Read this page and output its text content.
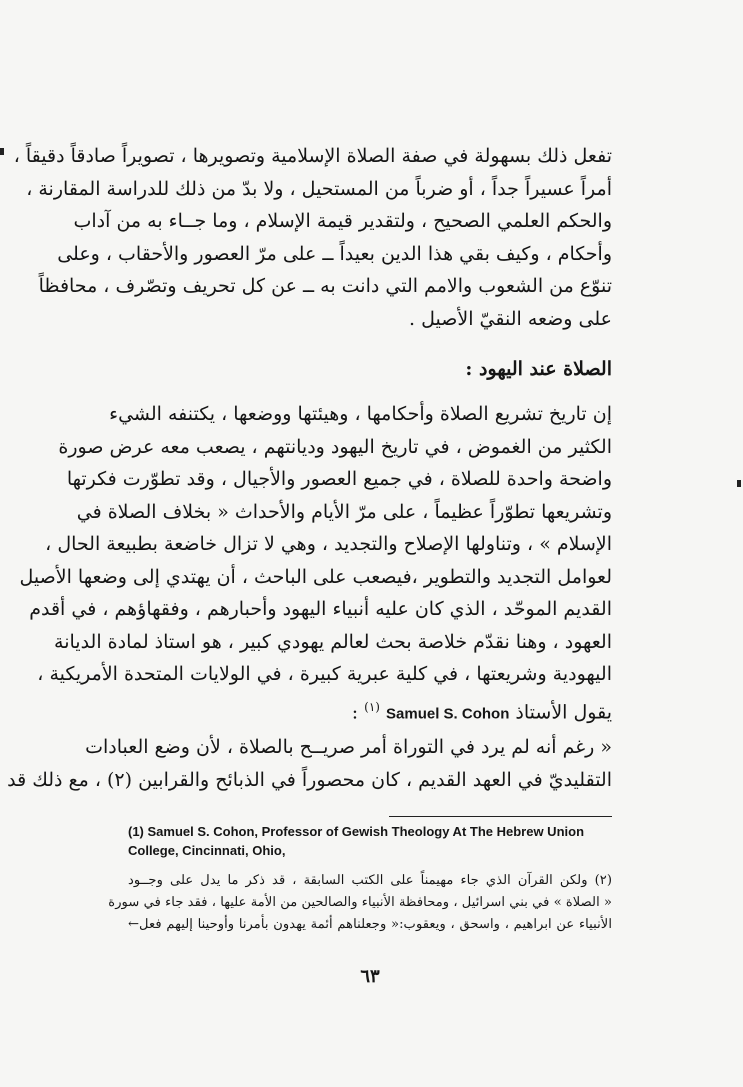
تفعل ذلك بسهولة في صفة الصلاة الإسلامية وتصويرها ، تصويراً صادقاً دقيقاً ،
أمراً عسيراً جداً ، أو ضرباً من المستحيل ، ولا بدّ من ذلك للدراسة المقارنة ،
والحكم العلمي الصحيح ، ولتقدير قيمة الإسلام ، وما جــاء به من آداب
وأحكام ، وكيف بقي هذا الدين بعيداً ــ على مرّ العصور والأحقاب ، وعلى
تنوّع من الشعوب والامم التي دانت به ــ عن كل تحريف وتصّرف ، محافظاً
على وضعه النقيّ الأصيل .
الصلاة عند اليهود :
إن تاريخ تشريع الصلاة وأحكامها ، وهيئتها ووضعها ، يكتنفه الشيء
الكثير من الغموض ، في تاريخ اليهود وديانتهم ، يصعب معه عرض صورة
واضحة واحدة للصلاة ، في جميع العصور والأجيال ، وقد تطوّرت فكرتها
وتشريعها تطوّراً عظيماً ، على مرّ الأيام والأحداث « بخلاف الصلاة في
الإسلام » ، وتناولها الإصلاح والتجديد ، وهي لا تزال خاضعة بطبيعة الحال ،
لعوامل التجديد والتطوير ،فيصعب على الباحث ، أن يهتدي إلى وضعها الأصيل
القديم الموحّد ، الذي كان عليه أنبياء اليهود وأحبارهم ، وفقهاؤهم ، في أقدم
العهود ، وهنا نقدّم خلاصة بحث لعالم يهودي كبير ، هو استاذ لمادة الديانة
اليهودية وشريعتها ، في كلية عبرية كبيرة ، في الولايات المتحدة الأمريكية ،
يقول الأستاذ Samuel S. Cohon $^{(١)}$ :
« رغم أنه لم يرد في التوراة أمر صريــح بالصلاة ، لأن وضع العبادات
التقليديّ في العهد القديم ، كان محصوراً في الذبائح والقرابين (٢) ، مع ذلك قد
(1) Samuel S. Cohon, Professor of Gewish Theology At The Hebrew Union College, Cincinnati, Ohio,
(٢) ولكن القرآن الذي جاء مهيمناً على الكتب السابقة ، قد ذكر ما يدل على وجــود
« الصلاة » في بني اسرائيل ، ومحافظة الأنبياء والصالحين من الأمة عليها ، فقد جاء في سورة
الأنبياء عن ابراهيم ، واسحق ، ويعقوب:« وجعلناهم أئمة يهدون بأمرنا وأوحينا إليهم فعل←
٦٣
